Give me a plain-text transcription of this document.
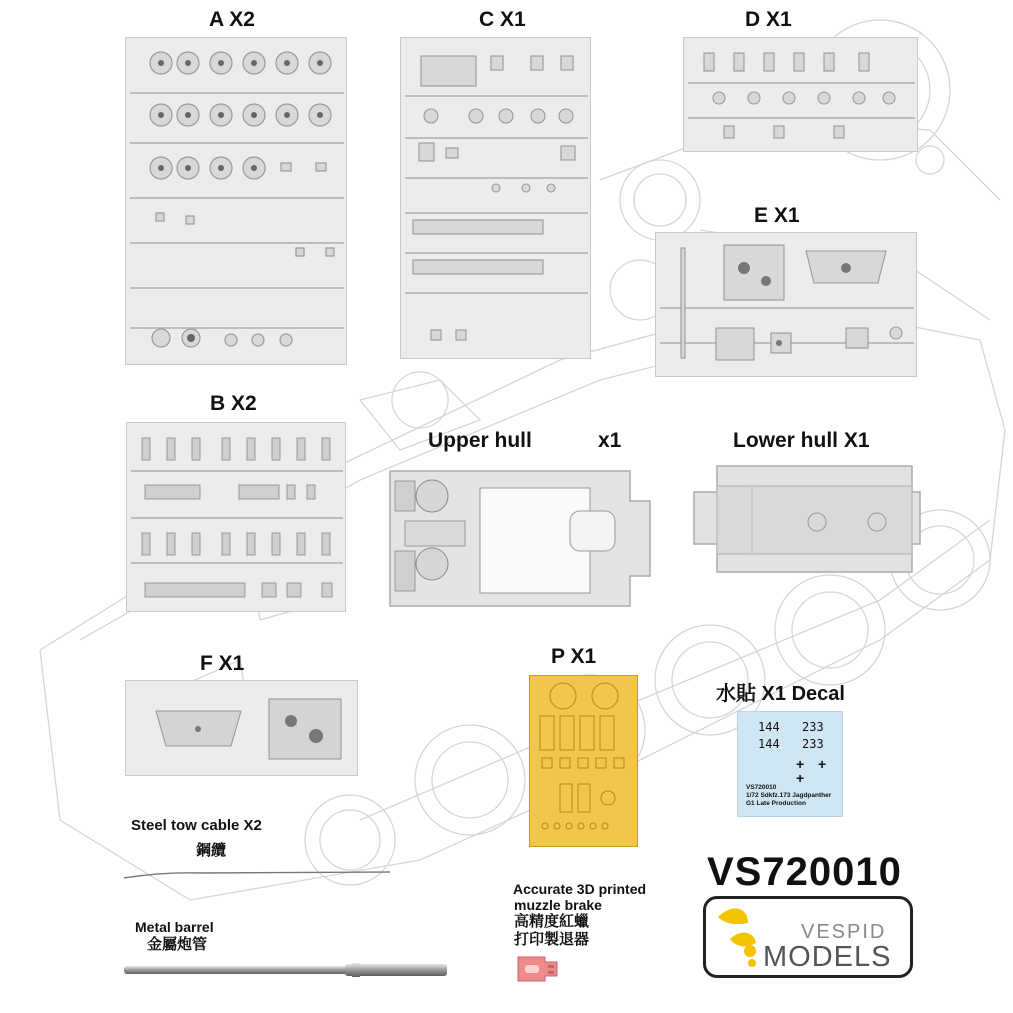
A X2	C X1	D X1
E X1
B X2
Upper hull	x1	Lower hull X1
F X1	P X1
水貼 X1 Decal
144 233
144 233
+ +
+
VS720010
1/72 Sdkfz.173 Jagdpanther
G1 Late Production
Steel tow cable X2
鋼纜
Metal barrel
金屬炮管
Accurate 3D printed
muzzle brake
高精度紅蠟
打印製退器
VS720010
VESPID
MODELS
